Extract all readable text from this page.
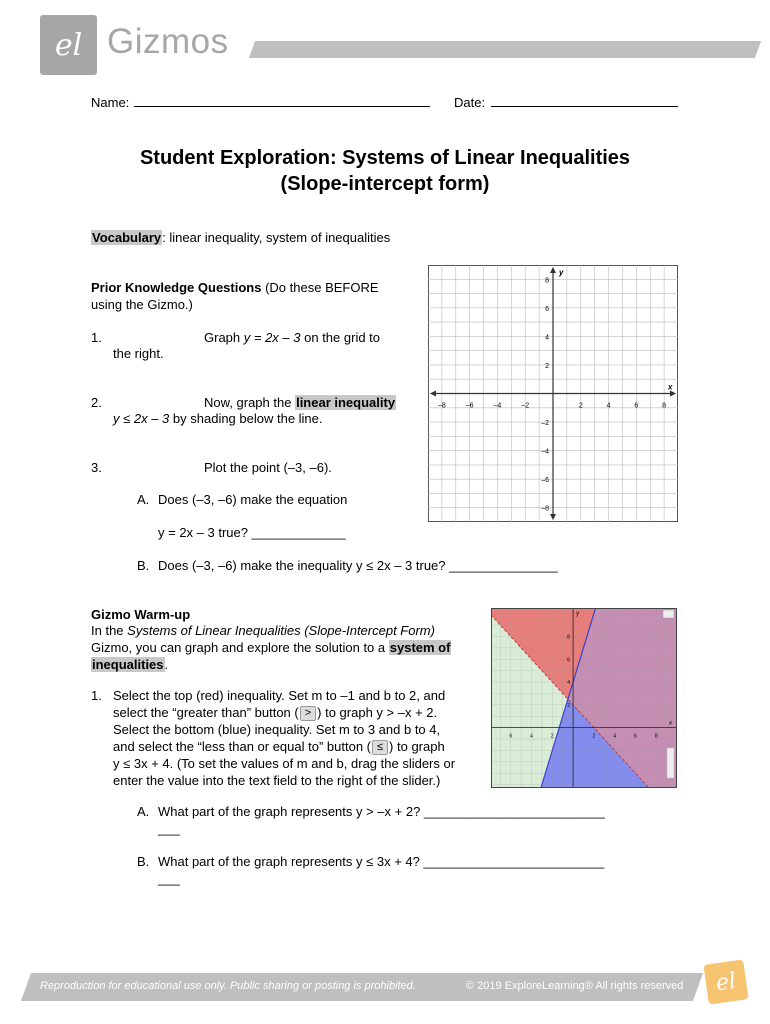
el Gizmos
Name:	Date:
Student Exploration: Systems of Linear Inequalities
(Slope-intercept form)
Vocabulary: linear inequality, system of inequalities
Prior Knowledge Questions (Do these BEFORE
using the Gizmo.)
1.	Graph y = 2x – 3 on the grid to
the right.
2.	Now, graph the linear inequality
y ≤ 2x – 3 by shading below the line.
3.	Plot the point (–3, –6).
A. Does (–3, –6) make the equation
y = 2x – 3 true? _____________
B. Does (–3, –6) make the inequality y ≤ 2x – 3 true? _______________
–8	–6	–4	–2	2	4	6	8
8
6
4
2
–2
–4
–6
–8
x
y
Gizmo Warm-up
In the Systems of Linear Inequalities (Slope-Intercept Form)
Gizmo, you can graph and explore the solution to a system of
inequalities.
1. Select the top (red) inequality. Set m to –1 and b to 2, and
select the “greater than” button ( > ) to graph y > –x + 2.
Select the bottom (blue) inequality. Set m to 3 and b to 4,
and select the “less than or equal to” button ( ≤ ) to graph
y ≤ 3x + 4. (To set the values of m and b, drag the sliders or
enter the value into the text field to the right of the slider.)
A. What part of the graph represents y > –x + 2? _________________________
___
B. What part of the graph represents y ≤ 3x + 4? _________________________
___
6	4	2	2	4	6	8
2
4
6
8
x
y
Reproduction for educational use only. Public sharing or posting is prohibited.	© 2019 ExploreLearning® All rights reserved el
